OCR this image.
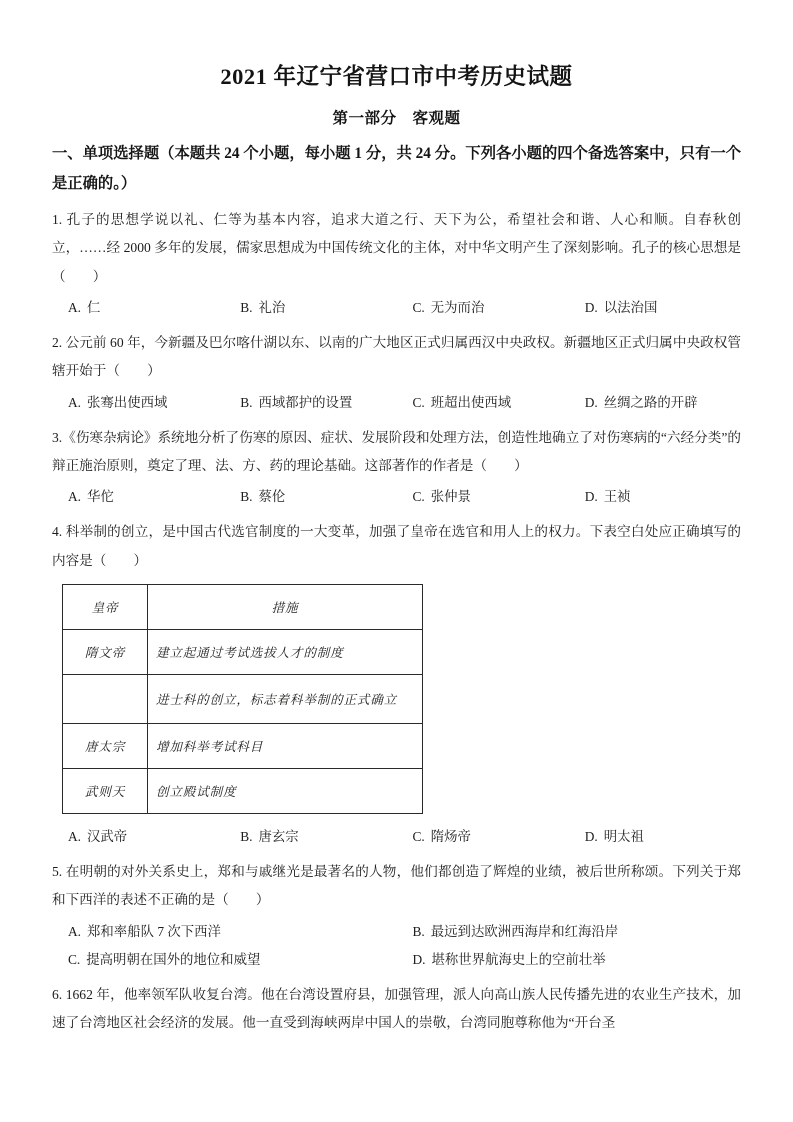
2021 年辽宁省营口市中考历史试题
第一部分　客观题
一、单项选择题（本题共 24 个小题，每小题 1 分，共 24 分。下列各小题的四个备选答案中，只有一个是正确的。）

1. 孔子的思想学说以礼、仁等为基本内容，追求大道之行、天下为公，希望社会和谐、人心和顺。自春秋创立，……经 2000 多年的发展，儒家思想成为中国传统文化的主体，对中华文明产生了深刻影响。孔子的核心思想是（　　）

A. 仁	B. 礼治	C. 无为而治	D. 以法治国

2. 公元前 60 年，今新疆及巴尔喀什湖以东、以南的广大地区正式归属西汉中央政权。新疆地区正式归属中央政权管辖开始于（　　）

A. 张骞出使西域	B. 西域都护的设置	C. 班超出使西域	D. 丝绸之路的开辟

3.《伤寒杂病论》系统地分析了伤寒的原因、症状、发展阶段和处理方法，创造性地确立了对伤寒病的“六经分类”的辩正施治原则，奠定了理、法、方、药的理论基础。这部著作的作者是（　　）

A. 华佗	B. 蔡伦	C. 张仲景	D. 王祯

4. 科举制的创立，是中国古代选官制度的一大变革，加强了皇帝在选官和用人上的权力。下表空白处应正确填写的内容是（　　）

皇帝	措施
隋文帝	建立起通过考试选拔人才的制度
	进士科的创立，标志着科举制的正式确立
唐太宗	增加科举考试科目
武则天	创立殿试制度
A. 汉武帝	B. 唐玄宗	C. 隋炀帝	D. 明太祖

5. 在明朝的对外关系史上，郑和与戚继光是最著名的人物，他们都创造了辉煌的业绩，被后世所称颂。下列关于郑和下西洋的表述不正确的是（　　）

A. 郑和率船队 7 次下西洋	B. 最远到达欧洲西海岸和红海沿岸
C. 提高明朝在国外的地位和威望	D. 堪称世界航海史上的空前壮举

6. 1662 年，他率领军队收复台湾。他在台湾设置府县，加强管理，派人向高山族人民传播先进的农业生产技术，加速了台湾地区社会经济的发展。他一直受到海峡两岸中国人的崇敬，台湾同胞尊称他为“开台圣
